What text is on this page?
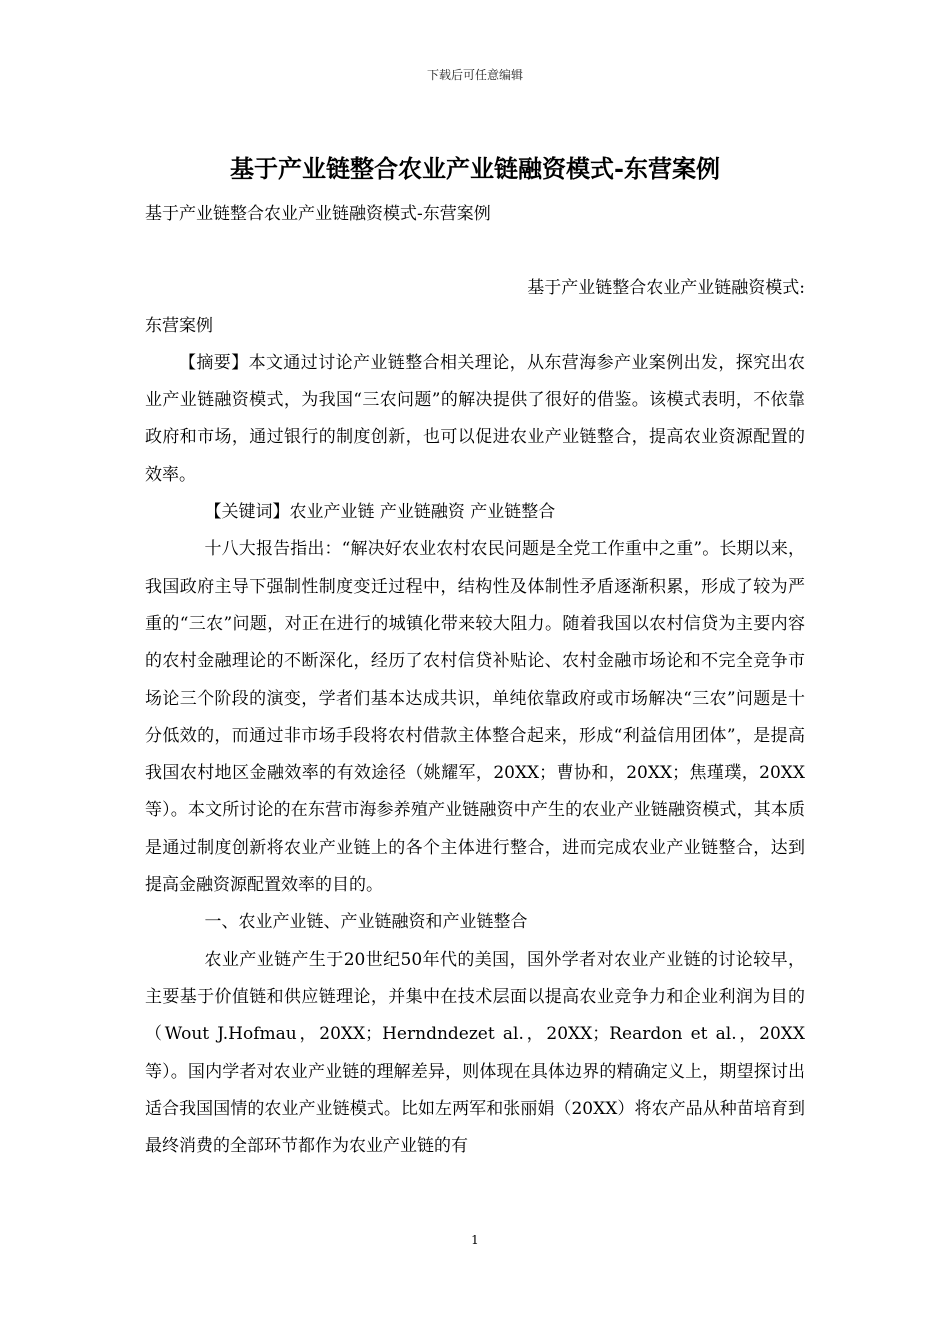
下载后可任意编辑
基于产业链整合农业产业链融资模式-东营案例

基于产业链整合农业产业链融资模式-东营案例

基于产业链整合农业产业链融资模式:

东营案例

【摘要】本文通过讨论产业链整合相关理论，从东营海参产业案例出发，探究出农业产业链融资模式，为我国“三农问题”的解决提供了很好的借鉴。该模式表明，不依靠政府和市场，通过银行的制度创新，也可以促进农业产业链整合，提高农业资源配置的效率。

【关键词】农业产业链 产业链融资 产业链整合

十八大报告指出：“解决好农业农村农民问题是全党工作重中之重”。长期以来，我国政府主导下强制性制度变迁过程中，结构性及体制性矛盾逐渐积累，形成了较为严重的“三农”问题，对正在进行的城镇化带来较大阻力。随着我国以农村信贷为主要内容的农村金融理论的不断深化，经历了农村信贷补贴论、农村金融市场论和不完全竞争市场论三个阶段的演变，学者们基本达成共识，单纯依靠政府或市场解决“三农”问题是十分低效的，而通过非市场手段将农村借款主体整合起来，形成“利益信用团体”，是提高我国农村地区金融效率的有效途径（姚耀军，20XX；曹协和，20XX；焦瑾璞，20XX等）。本文所讨论的在东营市海参养殖产业链融资中产生的农业产业链融资模式，其本质是通过制度创新将农业产业链上的各个主体进行整合，进而完成农业产业链整合，达到提高金融资源配置效率的目的。

一、农业产业链、产业链融资和产业链整合

农业产业链产生于20世纪50年代的美国，国外学者对农业产业链的讨论较早，主要基于价值链和供应链理论，并集中在技术层面以提高农业竞争力和企业利润为目的（Wout J.Hofmau，20XX；Herndndezet al.，20XX；Reardon et al.，20XX等）。国内学者对农业产业链的理解差异，则体现在具体边界的精确定义上，期望探讨出适合我国国情的农业产业链模式。比如左两军和张丽娟（20XX）将农产品从种苗培育到最终消费的全部环节都作为农业产业链的有

1
